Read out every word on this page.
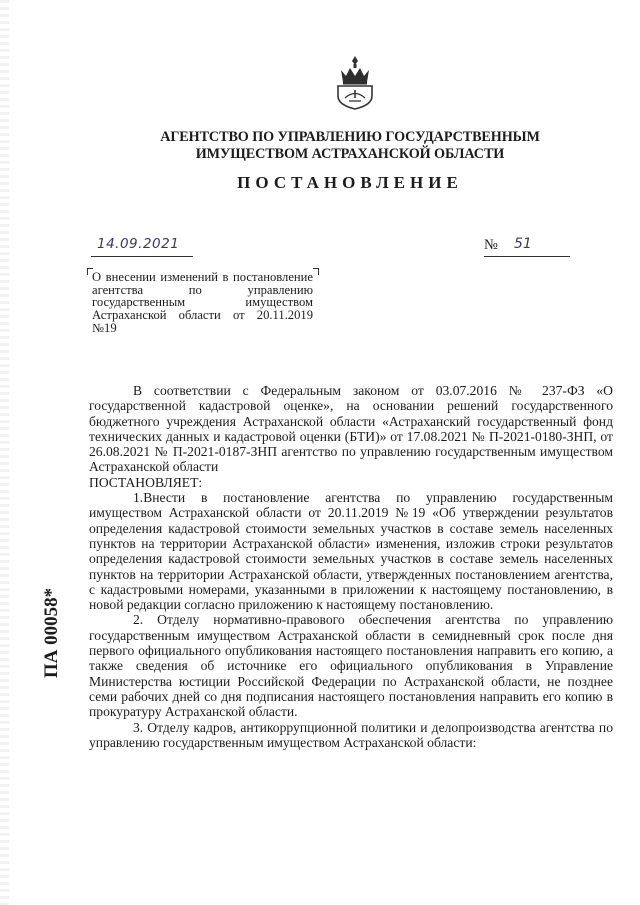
АГЕНТСТВО ПО УПРАВЛЕНИЮ ГОСУДАРСТВЕННЫМ
ИМУЩЕСТВОМ АСТРАХАНСКОЙ ОБЛАСТИ
ПОСТАНОВЛЕНИЕ
14.09.2021	№ 51

О внесении изменений в постановление агентства по управлению государственным имуществом Астраханской области от 20.11.2019 №19

В соответствии с Федеральным законом от 03.07.2016 № 237-ФЗ «О государственной кадастровой оценке», на основании решений государственного бюджетного учреждения Астраханской области «Астраханский государственный фонд технических данных и кадастровой оценки (БТИ)» от 17.08.2021 № П-2021-0180-ЗНП, от 26.08.2021 № П-2021-0187-ЗНП агентство по управлению государственным имуществом Астраханской области

ПОСТАНОВЛЯЕТ:

1.Внести в постановление агентства по управлению государственным имуществом Астраханской области от 20.11.2019 №19 «Об утверждении результатов определения кадастровой стоимости земельных участков в составе земель населенных пунктов на территории Астраханской области» изменения, изложив строки результатов определения кадастровой стоимости земельных участков в составе земель населенных пунктов на территории Астраханской области, утвержденных постановлением агентства, с кадастровыми номерами, указанными в приложении к настоящему постановлению, в новой редакции согласно приложению к настоящему постановлению.

2. Отделу нормативно-правового обеспечения агентства по управлению государственным имуществом Астраханской области в семидневный срок после дня первого официального опубликования настоящего постановления направить его копию, а также сведения об источнике его официального опубликования в Управление Министерства юстиции Российской Федерации по Астраханской области, не позднее семи рабочих дней со дня подписания настоящего постановления направить его копию в прокуратуру Астраханской области.

3. Отделу кадров, антикоррупционной политики и делопроизводства агентства по управлению государственным имуществом Астраханской области:

ПА 00058*
